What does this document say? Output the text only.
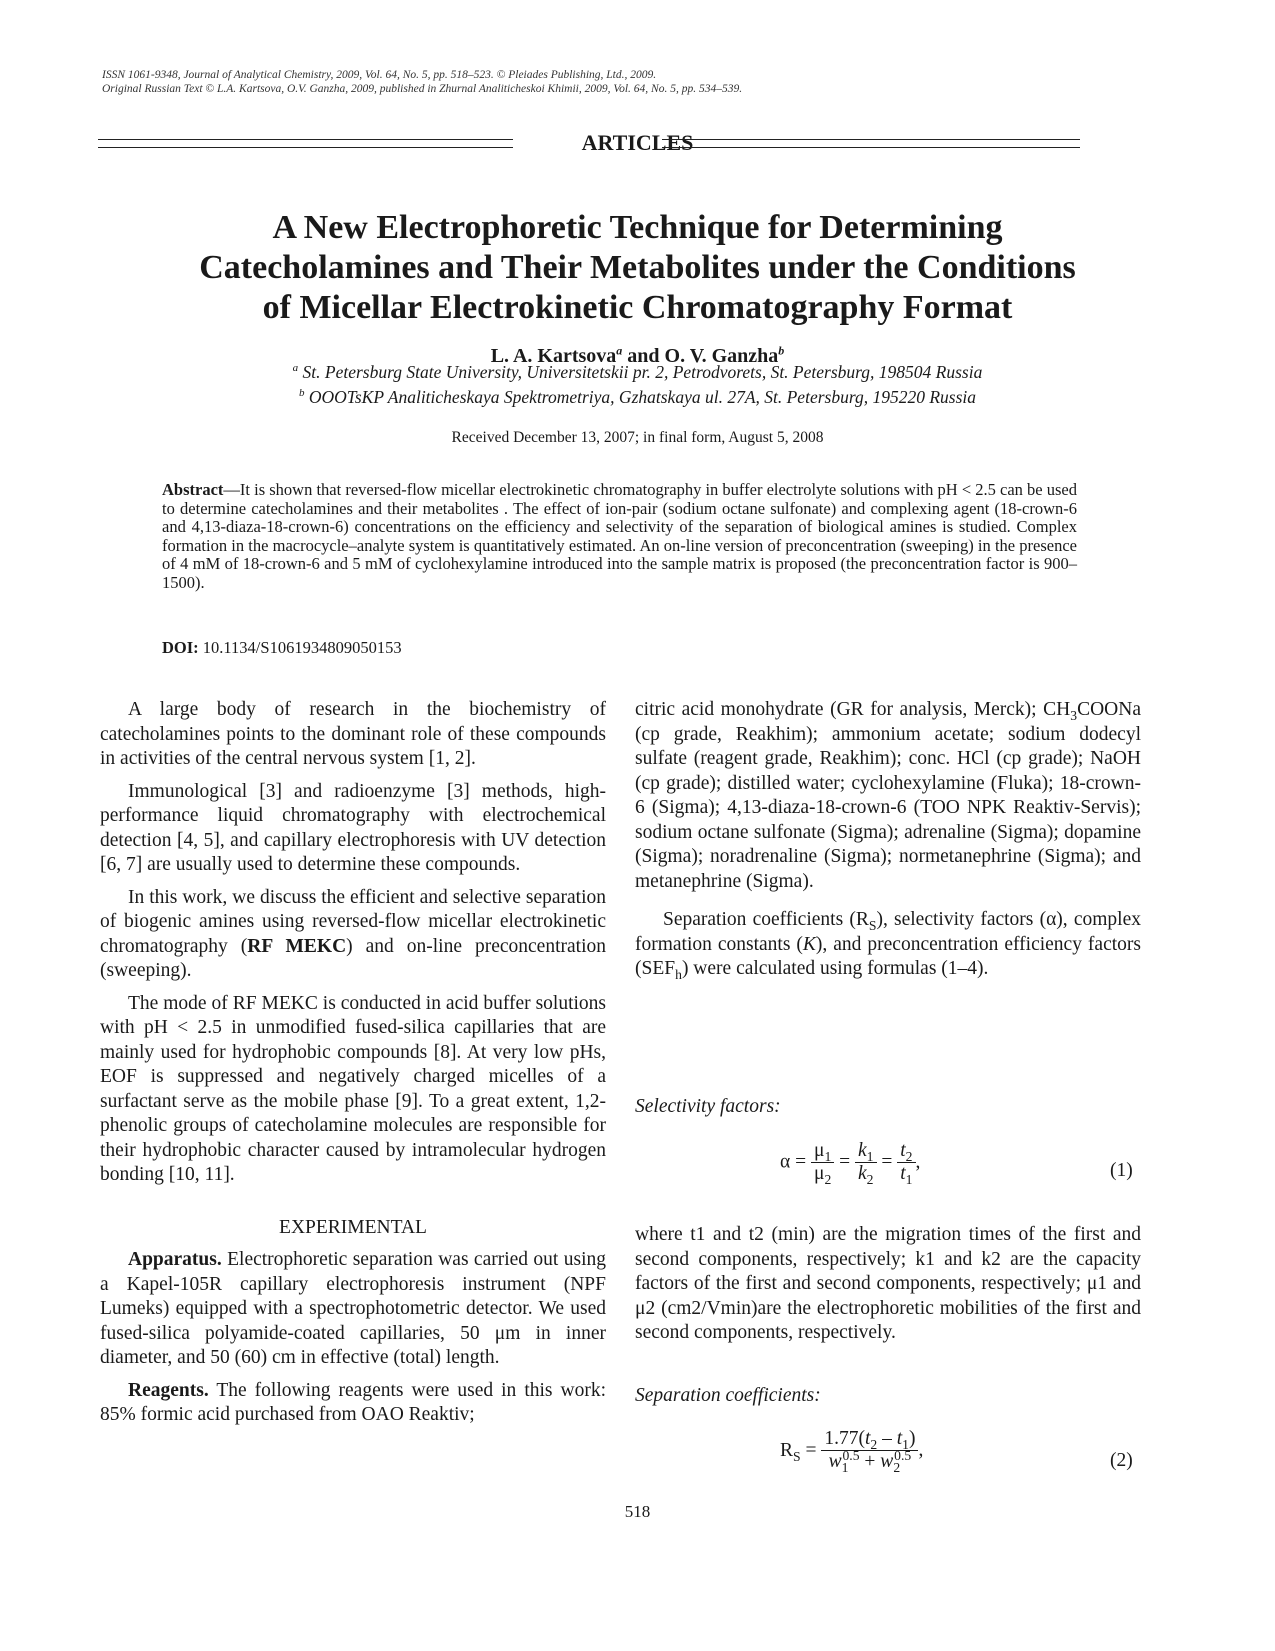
ISSN 1061-9348, Journal of Analytical Chemistry, 2009, Vol. 64, No. 5, pp. 518–523. © Pleiades Publishing, Ltd., 2009.
Original Russian Text © L.A. Kartsova, O.V. Ganzha, 2009, published in Zhurnal Analiticheskoi Khimii, 2009, Vol. 64, No. 5, pp. 534–539.
ARTICLES
A New Electrophoretic Technique for Determining
Catecholamines and Their Metabolites under the Conditions
of Micellar Electrokinetic Chromatography Format
L. A. Kartsova$^a$ and O. V. Ganzha$^b$
$^a$ St. Petersburg State University, Universitetskii pr. 2, Petrodvorets, St. Petersburg, 198504 Russia
$^b$ OOOTsKP Analiticheskaya Spektrometriya, Gzhatskaya ul. 27A, St. Petersburg, 195220 Russia
Received December 13, 2007; in final form, August 5, 2008
Abstract—It is shown that reversed-flow micellar electrokinetic chromatography in buffer electrolyte solutions with pH < 2.5 can be used to determine catecholamines and their metabolites . The effect of ion-pair (sodium octane sulfonate) and complexing agent (18-crown-6 and 4,13-diaza-18-crown-6) concentrations on the efficiency and selectivity of the separation of biological amines is studied. Complex formation in the macrocycle–analyte system is quantitatively estimated. An on-line version of preconcentration (sweeping) in the presence of 4 mM of 18-crown-6 and 5 mM of cyclohexylamine introduced into the sample matrix is proposed (the preconcentration factor is 900–1500).
DOI: 10.1134/S1061934809050153

A large body of research in the biochemistry of catecholamines points to the dominant role of these compounds in activities of the central nervous system [1, 2].

Immunological [3] and radioenzyme [3] methods, high-performance liquid chromatography with electrochemical detection [4, 5], and capillary electrophoresis with UV detection [6, 7] are usually used to determine these compounds.

In this work, we discuss the efficient and selective separation of biogenic amines using reversed-flow micellar electrokinetic chromatography (RF MEKC) and on-line preconcentration (sweeping).

The mode of RF MEKC is conducted in acid buffer solutions with pH < 2.5 in unmodified fused-silica capillaries that are mainly used for hydrophobic compounds [8]. At very low pHs, EOF is suppressed and negatively charged micelles of a surfactant serve as the mobile phase [9]. To a great extent, 1,2-phenolic groups of catecholamine molecules are responsible for their hydrophobic character caused by intramolecular hydrogen bonding [10, 11].

EXPERIMENTAL

Apparatus. Electrophoretic separation was carried out using a Kapel-105R capillary electrophoresis instrument (NPF Lumeks) equipped with a spectrophotometric detector. We used fused-silica polyamide-coated capillaries, 50 μm in inner diameter, and 50 (60) cm in effective (total) length.

Reagents. The following reagents were used in this work: 85% formic acid purchased from OAO Reaktiv;

citric acid monohydrate (GR for analysis, Merck); $CH_3COONa$ (cp grade, Reakhim); ammonium acetate; sodium dodecyl sulfate (reagent grade, Reakhim); conc. HCl (cp grade); NaOH (cp grade); distilled water; cyclohexylamine (Fluka); 18-crown-6 (Sigma); 4,13-diaza-18-crown-6 (TOO NPK Reaktiv-Servis); sodium octane sulfonate (Sigma); adrenaline (Sigma); dopamine (Sigma); noradrenaline (Sigma); normetanephrine (Sigma); and metanephrine (Sigma).

Separation coefficients $(R_S)$, selectivity factors (α), complex formation constants (K), and preconcentration efficiency factors $(SEF_h)$ were calculated using formulas (1–4).

Selectivity factors:
$\alpha = \frac{\mu_1}{\mu_2} = \frac{k_1}{k_2} = \frac{t_2}{t_1}$ ,	(1)

where t1 and t2 (min) are the migration times of the first and second components, respectively; k1 and k2 are the capacity factors of the first and second components, respectively; μ1 and μ2 (cm2/Vmin)are the electrophoretic mobilities of the first and second components, respectively.

Separation coefficients:
$R_S = \frac{1.77(t_2 - t_1)}{w_1^{0.5} + w_2^{0.5}}$ ,	(2)
518
